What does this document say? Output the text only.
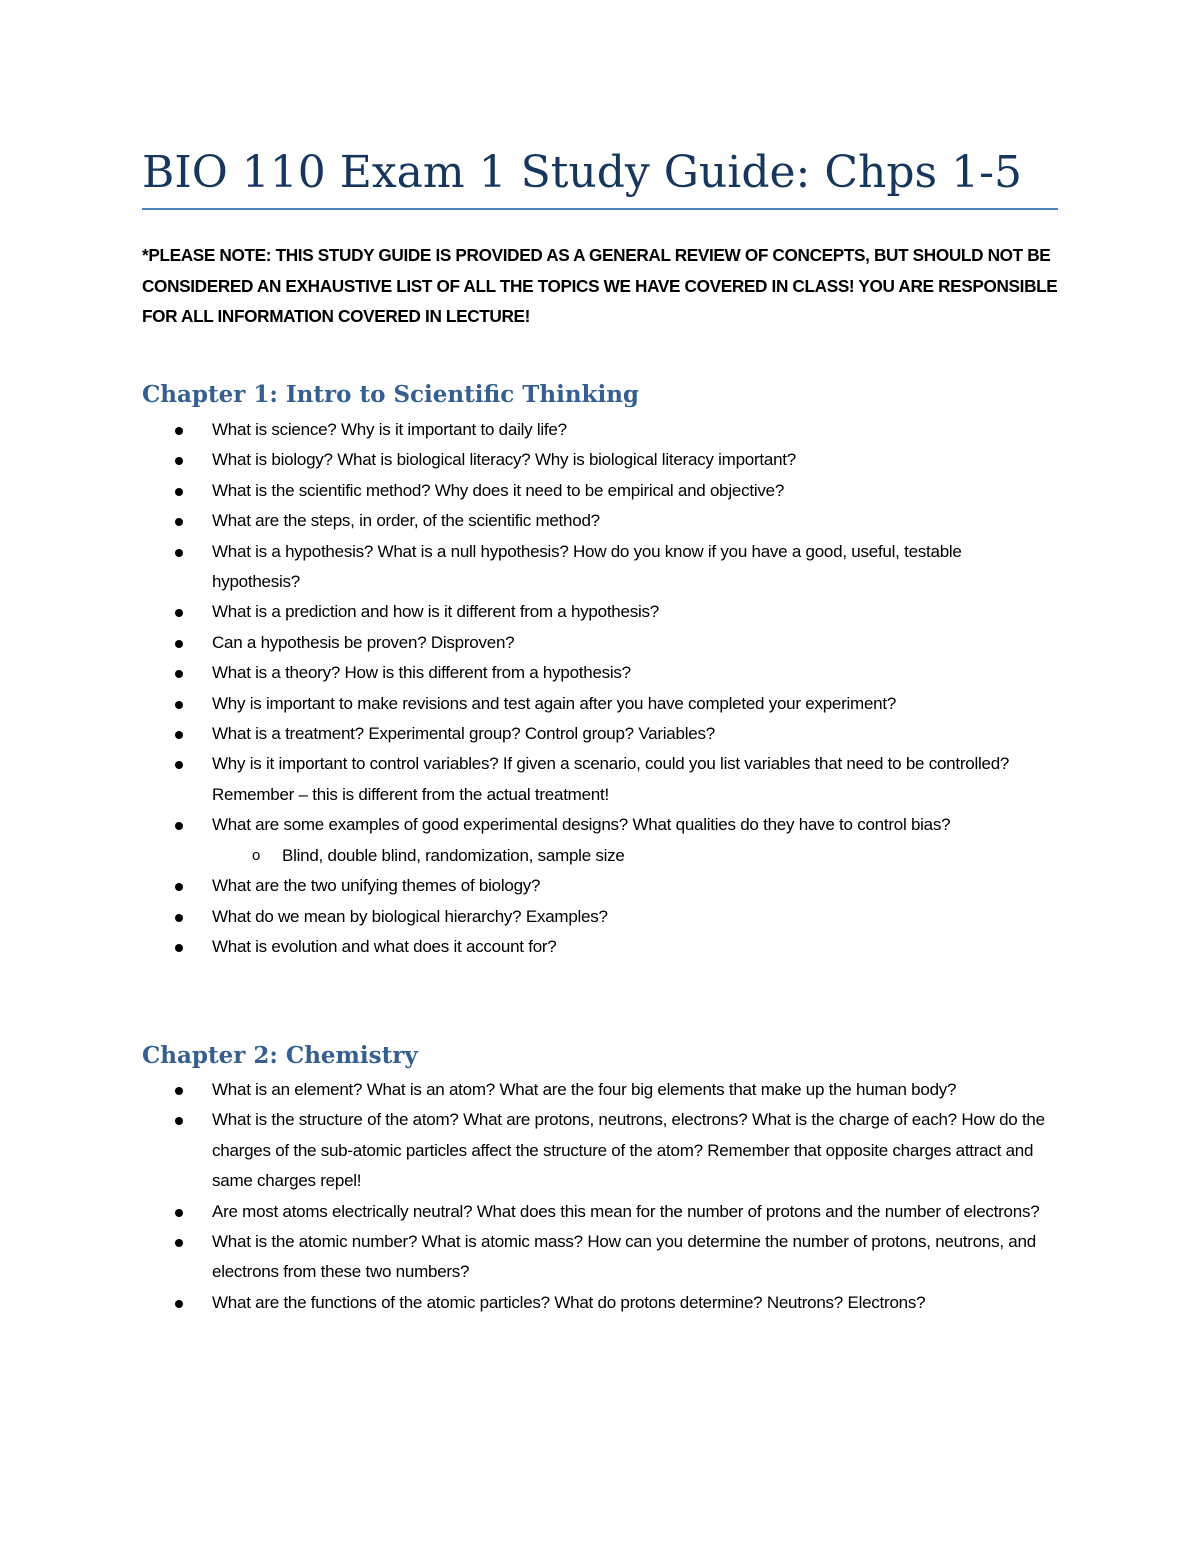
BIO 110 Exam 1 Study Guide: Chps 1-5

*PLEASE NOTE: THIS STUDY GUIDE IS PROVIDED AS A GENERAL REVIEW OF CONCEPTS, BUT SHOULD NOT BE CONSIDERED AN EXHAUSTIVE LIST OF ALL THE TOPICS WE HAVE COVERED IN CLASS! YOU ARE RESPONSIBLE FOR ALL INFORMATION COVERED IN LECTURE!

Chapter 1: Intro to Scientific Thinking
What is science? Why is it important to daily life?
What is biology? What is biological literacy? Why is biological literacy important?
What is the scientific method? Why does it need to be empirical and objective?
What are the steps, in order, of the scientific method?
What is a hypothesis? What is a null hypothesis? How do you know if you have a good, useful, testable hypothesis?
What is a prediction and how is it different from a hypothesis?
Can a hypothesis be proven? Disproven?
What is a theory? How is this different from a hypothesis?
Why is important to make revisions and test again after you have completed your experiment?
What is a treatment? Experimental group? Control group? Variables?
Why is it important to control variables? If given a scenario, could you list variables that need to be controlled? Remember – this is different from the actual treatment!
What are some examples of good experimental designs? What qualities do they have to control bias?
o Blind, double blind, randomization, sample size
What are the two unifying themes of biology?
What do we mean by biological hierarchy? Examples?
What is evolution and what does it account for?
Chapter 2: Chemistry
What is an element? What is an atom? What are the four big elements that make up the human body?
What is the structure of the atom? What are protons, neutrons, electrons? What is the charge of each? How do the charges of the sub-atomic particles affect the structure of the atom? Remember that opposite charges attract and same charges repel!
Are most atoms electrically neutral? What does this mean for the number of protons and the number of electrons?
What is the atomic number? What is atomic mass? How can you determine the number of protons, neutrons, and electrons from these two numbers?
What are the functions of the atomic particles? What do protons determine? Neutrons? Electrons?
